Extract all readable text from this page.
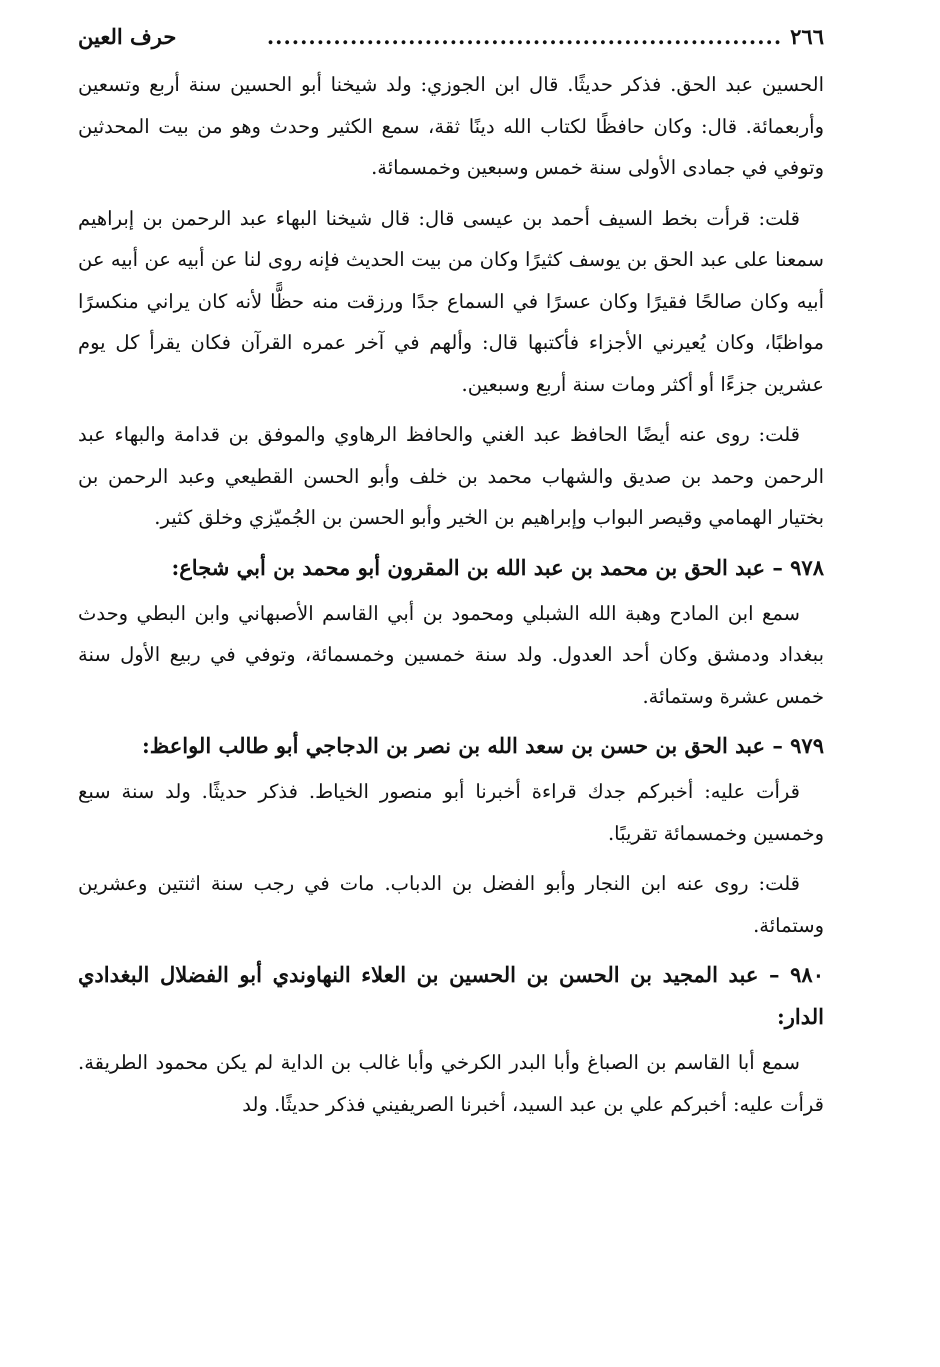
٢٦٦
..............................................................
حرف العين

الحسين عبد الحق. فذكر حديثًا. قال ابن الجوزي: ولد شيخنا أبو الحسين سنة أربع وتسعين وأربعمائة. قال: وكان حافظًا لكتاب الله دينًا ثقة، سمع الكثير وحدث وهو من بيت المحدثين وتوفي في جمادى الأولى سنة خمس وسبعين وخمسمائة.

قلت: قرأت بخط السيف أحمد بن عيسى قال: قال شيخنا البهاء عبد الرحمن بن إبراهيم سمعنا على عبد الحق بن يوسف كثيرًا وكان من بيت الحديث فإنه روى لنا عن أبيه عن أبيه عن أبيه وكان صالحًا فقيرًا وكان عسرًا في السماع جدًا ورزقت منه حظًّا لأنه كان يراني منكسرًا مواظبًا، وكان يُعيرني الأجزاء فأكتبها قال: وألهم في آخر عمره القرآن فكان يقرأ كل يوم عشرين جزءًا أو أكثر ومات سنة أربع وسبعين.

قلت: روى عنه أيضًا الحافظ عبد الغني والحافظ الرهاوي والموفق بن قدامة والبهاء عبد الرحمن وحمد بن صديق والشهاب محمد بن خلف وأبو الحسن القطيعي وعبد الرحمن بن بختيار الهمامي وقيصر البواب وإبراهيم بن الخير وأبو الحسن بن الجُميّزي وخلق كثير.

٩٧٨ – عبد الحق بن محمد بن عبد الله بن المقرون أبو محمد بن أبي شجاع:

سمع ابن المادح وهبة الله الشبلي ومحمود بن أبي القاسم الأصبهاني وابن البطي وحدث ببغداد ودمشق وكان أحد العدول. ولد سنة خمسين وخمسمائة، وتوفي في ربيع الأول سنة خمس عشرة وستمائة.

٩٧٩ – عبد الحق بن حسن بن سعد الله بن نصر بن الدجاجي أبو طالب الواعظ:

قرأت عليه: أخبركم جدك قراءة أخبرنا أبو منصور الخياط. فذكر حديثًا. ولد سنة سبع وخمسين وخمسمائة تقريبًا.

قلت: روى عنه ابن النجار وأبو الفضل بن الدباب. مات في رجب سنة اثنتين وعشرين وستمائة.

٩٨٠ – عبد المجيد بن الحسن بن الحسين بن العلاء النهاوندي أبو الفضلال البغدادي الدار:

سمع أبا القاسم بن الصباغ وأبا البدر الكرخي وأبا غالب بن الداية لم يكن محمود الطريقة. قرأت عليه: أخبركم علي بن عبد السيد، أخبرنا الصريفيني فذكر حديثًا. ولد
